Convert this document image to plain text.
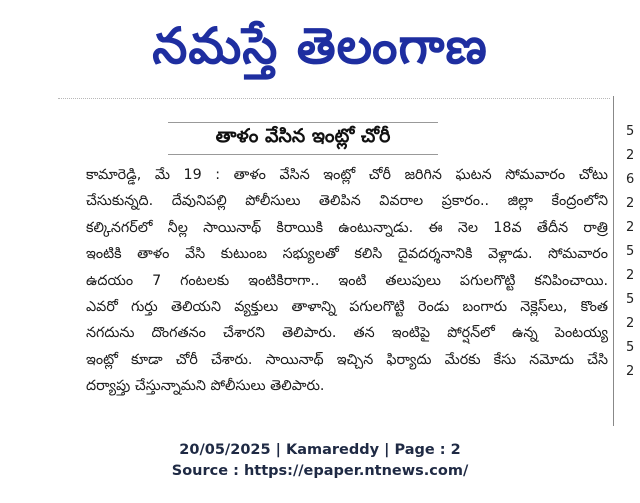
నమస్తే తెలంగాణ
5
2
6
2
2
5
2
5
2
5
2
తాళం వేసిన ఇంట్లో చోరీ
కామారెడ్డి, మే 19 : తాళం వేసిన ఇంట్లో చోరీ జరిగిన ఘటన సోమవారం చోటు
చేసుకున్నది. దేవునిపల్లి పోలీసులు తెలిపిన వివరాల ప్రకారం.. జిల్లా కేంద్రంలోని
కల్కినగర్‌లో నీల్ల సాయినాథ్ కిరాయికి ఉంటున్నాడు. ఈ నెల 18వ తేదీన రాత్రి
ఇంటికి తాళం వేసి కుటుంబ సభ్యులతో కలిసి దైవదర్శనానికి వెళ్లాడు. సోమవారం
ఉదయం 7 గంటలకు ఇంటికిరాగా.. ఇంటి తలుపులు పగులగొట్టి కనిపించాయి.
ఎవరో గుర్తు తెలియని వ్యక్తులు తాళాన్ని పగులగొట్టి రెండు బంగారు నెక్లెస్‌లు, కొంత
నగదును దొంగతనం చేశారని తెలిపారు. తన ఇంటిపై పోర్షన్‌లో ఉన్న పెంటయ్య
ఇంట్లో కూడా చోరీ చేశారు. సాయినాథ్ ఇచ్చిన ఫిర్యాదు మేరకు కేసు నమోదు చేసి
దర్యాప్తు చేస్తున్నామని పోలీసులు తెలిపారు.
20/05/2025 | Kamareddy | Page : 2
Source : https://epaper.ntnews.com/
